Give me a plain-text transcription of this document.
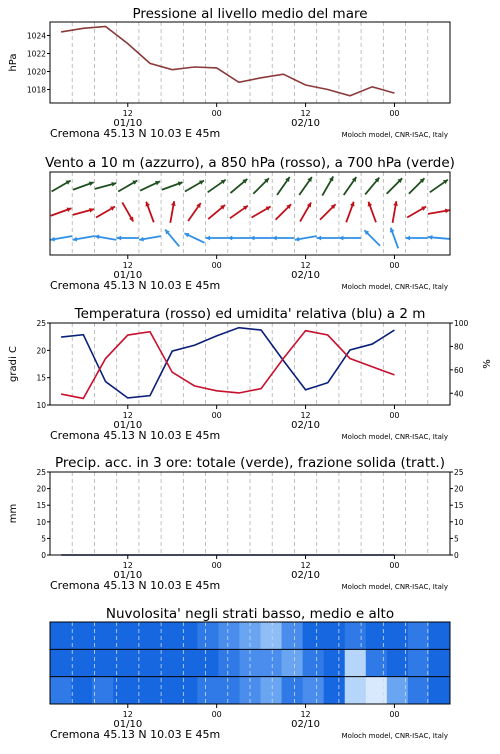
Pressione al livello medio del mare
1018
1020
1022
1024
hPa
12	00	12	00
01/10	02/10
Cremona 45.13 N 10.03 E 45m	Moloch model, CNR-ISAC, Italy
Vento a 10 m (azzurro), a 850 hPa (rosso), a 700 hPa (verde)
12	00	12	00
01/10	02/10
Cremona 45.13 N 10.03 E 45m	Moloch model, CNR-ISAC, Italy
Temperatura (rosso) ed umidita' relativa (blu) a 2 m
10
15
20
25
40
60
80
100
gradi C	%
12	00	12	00
01/10	02/10
Cremona 45.13 N 10.03 E 45m	Moloch model, CNR-ISAC, Italy
Precip. acc. in 3 ore: totale (verde), frazione solida (tratt.)
0
5
10
15
20
25
0
5
10
15
20
25
mm
12	00	12	00
01/10	02/10
Cremona 45.13 N 10.03 E 45m	Moloch model, CNR-ISAC, Italy
Nuvolosita' negli strati basso, medio e alto
12	00	12	00
01/10	02/10
Cremona 45.13 N 10.03 E 45m	Moloch model, CNR-ISAC, Italy
